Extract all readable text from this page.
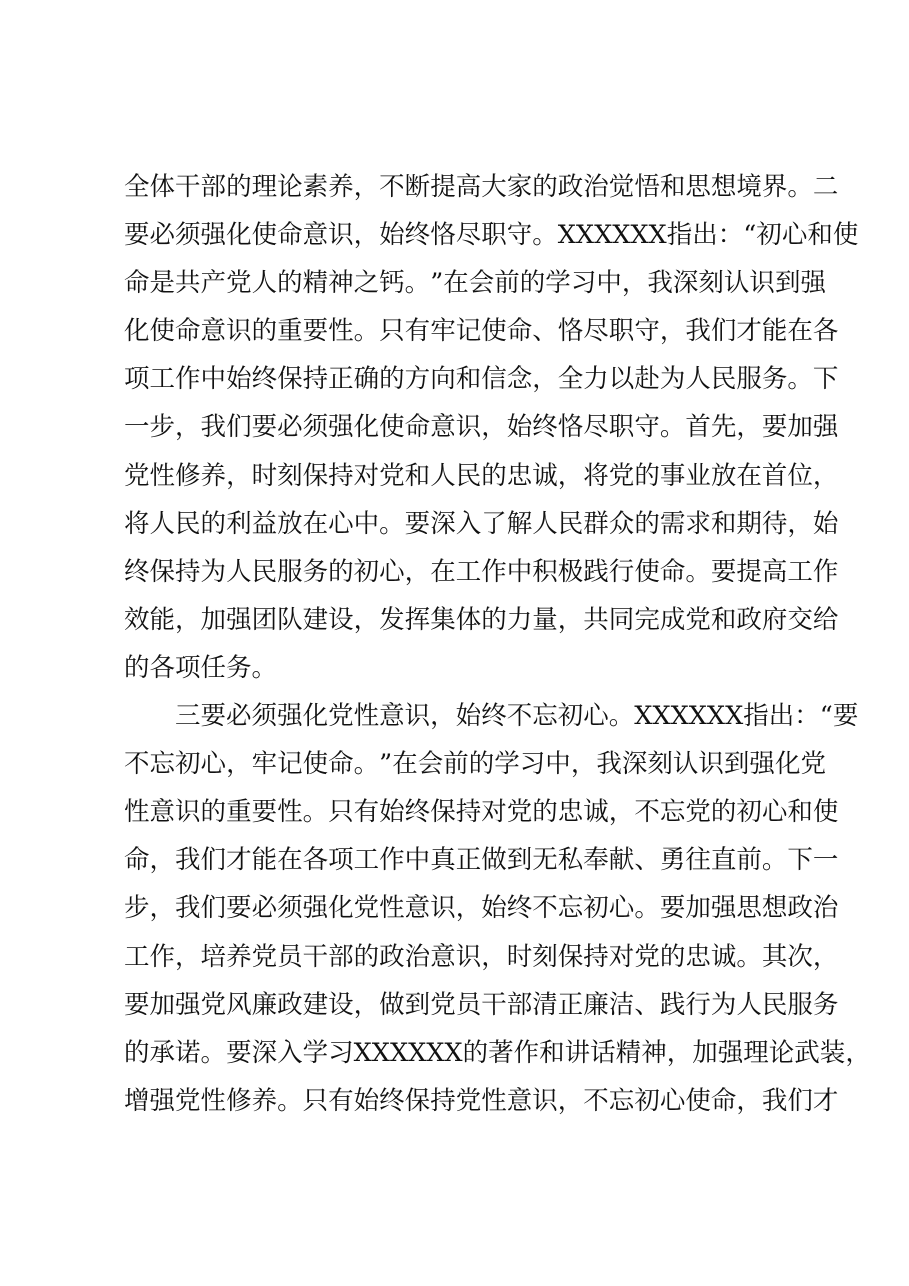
全 体 干 部 的 理 论 素 养 ， 不 断 提 高 大 家 的 政 治 觉 悟 和 思 想 境 界 。 二
要 必 须 强 化 使 命 意 识 ， 始 终 恪 尽 职 守 。 X X X X X X 指 出 ： “ 初 心 和 使
命 是 共 产 党 人 的 精 神 之 钙 。 ” 在 会 前 的 学 习 中 ， 我 深 刻 认 识 到 强
化 使 命 意 识 的 重 要 性 。 只 有 牢 记 使 命 、 恪 尽 职 守 ， 我 们 才 能 在 各
项 工 作 中 始 终 保 持 正 确 的 方 向 和 信 念 ， 全 力 以 赴 为 人 民 服 务 。 下
一 步 ， 我 们 要 必 须 强 化 使 命 意 识 ， 始 终 恪 尽 职 守 。 首 先 ， 要 加 强
党 性 修 养 ， 时 刻 保 持 对 党 和 人 民 的 忠 诚 ， 将 党 的 事 业 放 在 首 位 ，
将 人 民 的 利 益 放 在 心 中 。 要 深 入 了 解 人 民 群 众 的 需 求 和 期 待 ， 始
终 保 持 为 人 民 服 务 的 初 心 ， 在 工 作 中 积 极 践 行 使 命 。 要 提 高 工 作
效 能 ， 加 强 团 队 建 设 ， 发 挥 集 体 的 力 量 ， 共 同 完 成 党 和 政 府 交 给
的各项任务。
三 要 必 须 强 化 党 性 意 识 ， 始 终 不 忘 初 心 。 X X X X X X 指 出 ： “ 要
不 忘 初 心 ， 牢 记 使 命 。 ” 在 会 前 的 学 习 中 ， 我 深 刻 认 识 到 强 化 党
性 意 识 的 重 要 性 。 只 有 始 终 保 持 对 党 的 忠 诚 ， 不 忘 党 的 初 心 和 使
命 ， 我 们 才 能 在 各 项 工 作 中 真 正 做 到 无 私 奉 献 、 勇 往 直 前 。 下 一
步 ， 我 们 要 必 须 强 化 党 性 意 识 ， 始 终 不 忘 初 心 。 要 加 强 思 想 政 治
工 作 ， 培 养 党 员 干 部 的 政 治 意 识 ， 时 刻 保 持 对 党 的 忠 诚 。 其 次 ，
要 加 强 党 风 廉 政 建 设 ， 做 到 党 员 干 部 清 正 廉 洁 、 践 行 为 人 民 服 务
的 承 诺 。 要 深 入 学 习 X X X X X X 的 著 作 和 讲 话 精 神 ， 加 强 理 论 武 装 ，
增 强 党 性 修 养 。 只 有 始 终 保 持 党 性 意 识 ， 不 忘 初 心 使 命 ， 我 们 才
